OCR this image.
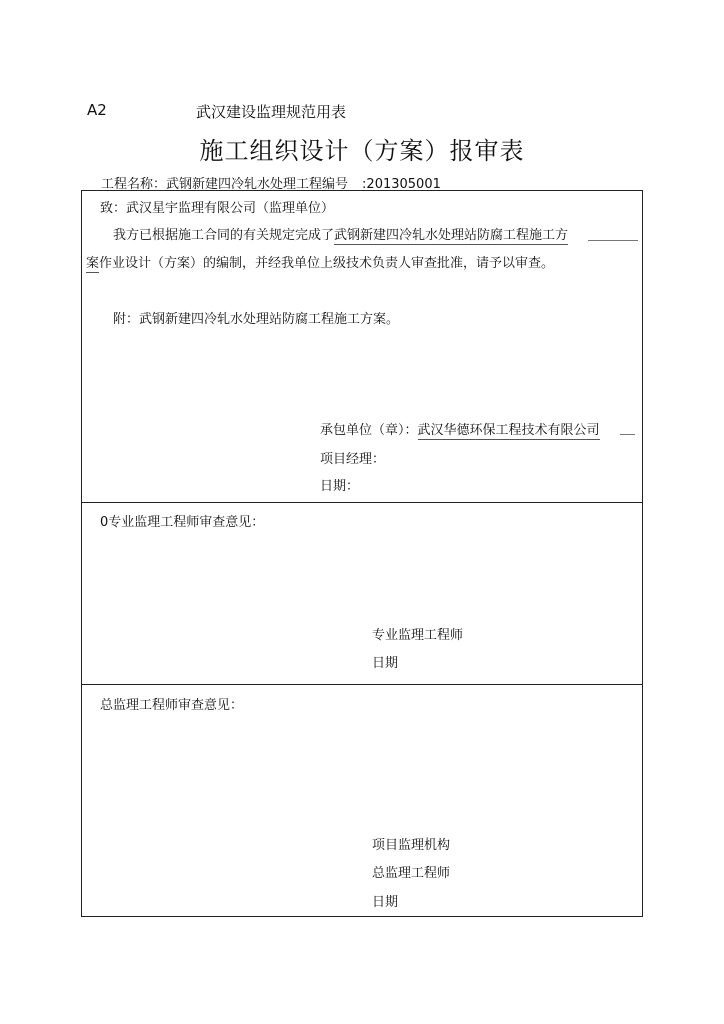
A2	武汉建设监理规范用表
施工组织设计（方案）报审表
工程名称：武钢新建四冷轧水处理工程编号 :201305001
致：武汉星宇监理有限公司（监理单位）
我方已根据施工合同的有关规定完成了武钢新建四冷轧水处理站防腐工程施工方
案作业设计（方案）的编制，并经我单位上级技术负责人审查批准，请予以审查。
附：武钢新建四冷轧水处理站防腐工程施工方案。
承包单位（章）：武汉华德环保工程技术有限公司
项目经理：
日期：
0专业监理工程师审查意见：
专业监理工程师
日期
总监理工程师审查意见：
项目监理机构
总监理工程师
日期
